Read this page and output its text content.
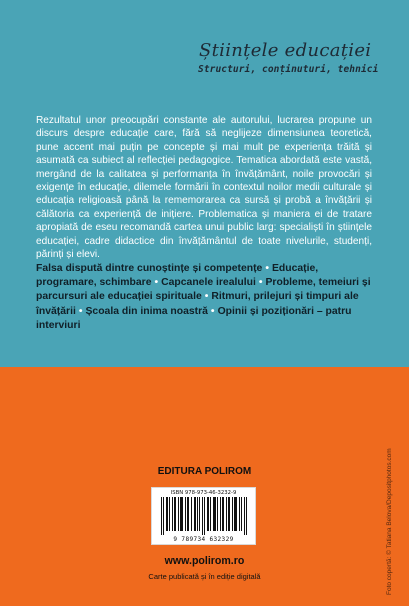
Științele educației
Structuri, conținuturi, tehnici

Rezultatul unor preocupări constante ale autorului, lucrarea propune un discurs despre educație care, fără să neglijeze dimensiunea teoretică, pune accent mai puțin pe concepte și mai mult pe experiența trăită și asumată ca subiect al reflecției pedagogice. Tematica abordată este vastă, mergând de la calitatea și performanța în învățământ, noile provocări și exigențe în educație, dilemele formării în contextul noilor medii culturale și educația religioasă până la rememorarea ca sursă și probă a învățării și călătoria ca experiență de inițiere. Problematica și maniera ei de tratare apropiată de eseu recomandă cartea unui public larg: specialiști în științele educației, cadre didactice din învățământul de toate nivelurile, studenți, părinți și elevi.

Falsa dispută dintre cunoștințe și competențe • Educație, programare, schimbare • Capcanele irealului • Probleme, temeiuri și parcursuri ale educației spirituale • Ritmuri, prilejuri și timpuri ale învățării • Școala din inima noastră • Opinii și poziționări – patru interviuri

EDITURA POLIROM
ISBN 978-973-46-3232-9
9 789734 632329
www.polirom.ro
Carte publicată și în ediție digitală	Foto copertă: © Tatiana Belova/Depositphotos.com
